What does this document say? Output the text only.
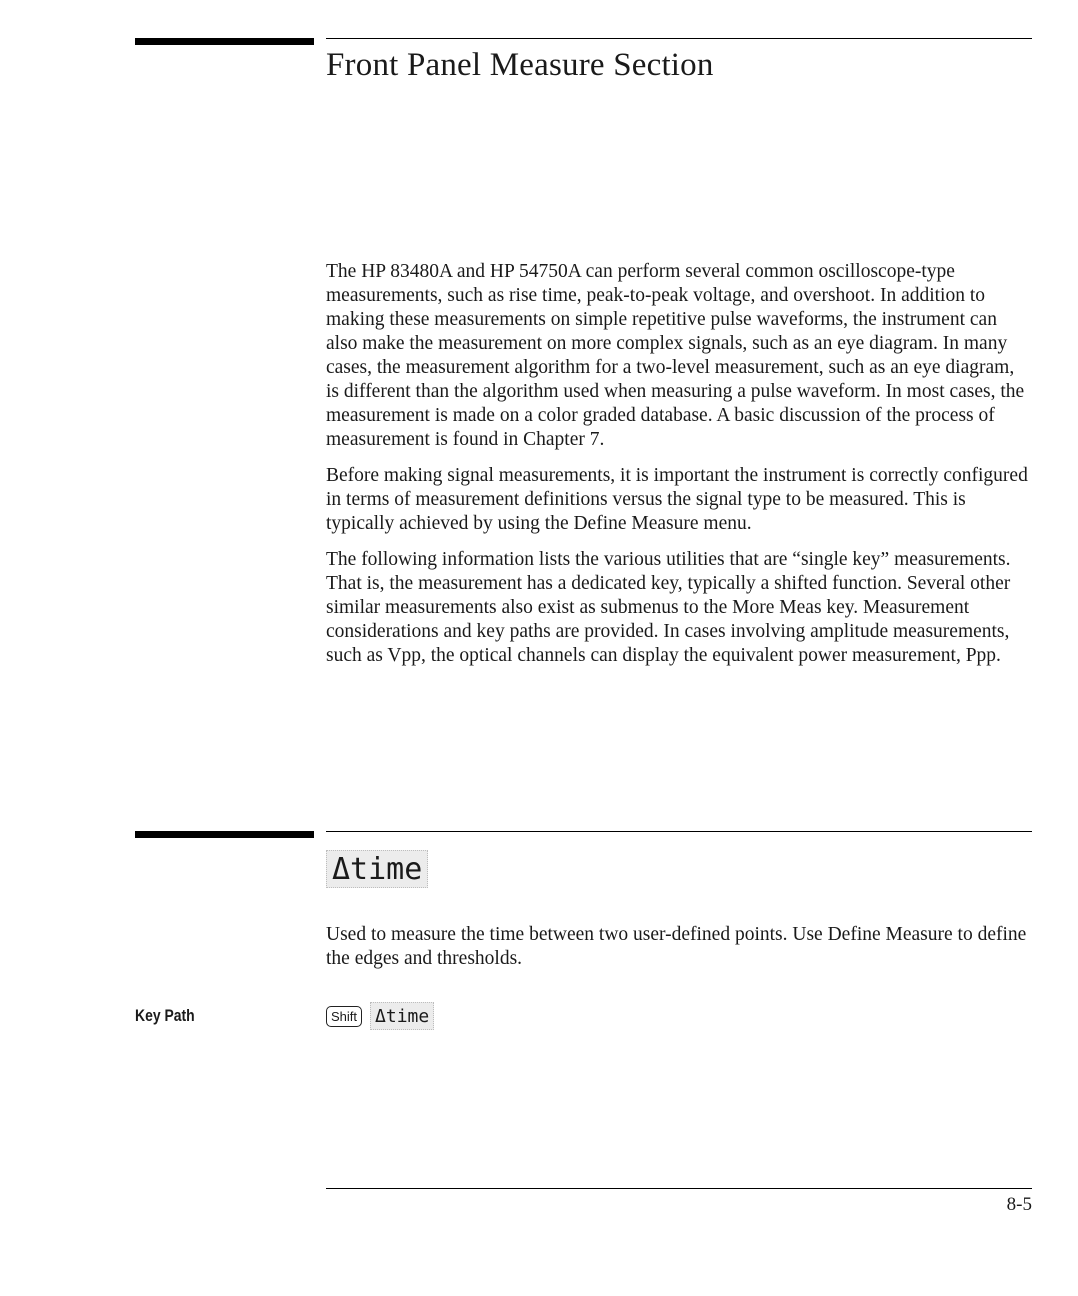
Front Panel Measure Section

The HP 83480A and HP 54750A can perform several common oscilloscope-type measurements, such as rise time, peak-to-peak voltage, and overshoot. In addition to making these measurements on simple repetitive pulse waveforms, the instrument can also make the measurement on more complex signals, such as an eye diagram. In many cases, the measurement algorithm for a two-level measurement, such as an eye diagram, is different than the algorithm used when measuring a pulse waveform. In most cases, the measurement is made on a color graded database. A basic discussion of the process of measurement is found in Chapter 7.

Before making signal measurements, it is important the instrument is correctly configured in terms of measurement definitions versus the signal type to be measured. This is typically achieved by using the Define Measure menu.

The following information lists the various utilities that are “single key” measurements. That is, the measurement has a dedicated key, typically a shifted function. Several other similar measurements also exist as submenus to the More Meas key. Measurement considerations and key paths are provided. In cases involving amplitude measurements, such as Vpp, the optical channels can display the equivalent power measurement, Ppp.

Δtime

Used to measure the time between two user-defined points. Use Define Measure to define the edges and thresholds.

Key Path	Shift Δtime
8-5
